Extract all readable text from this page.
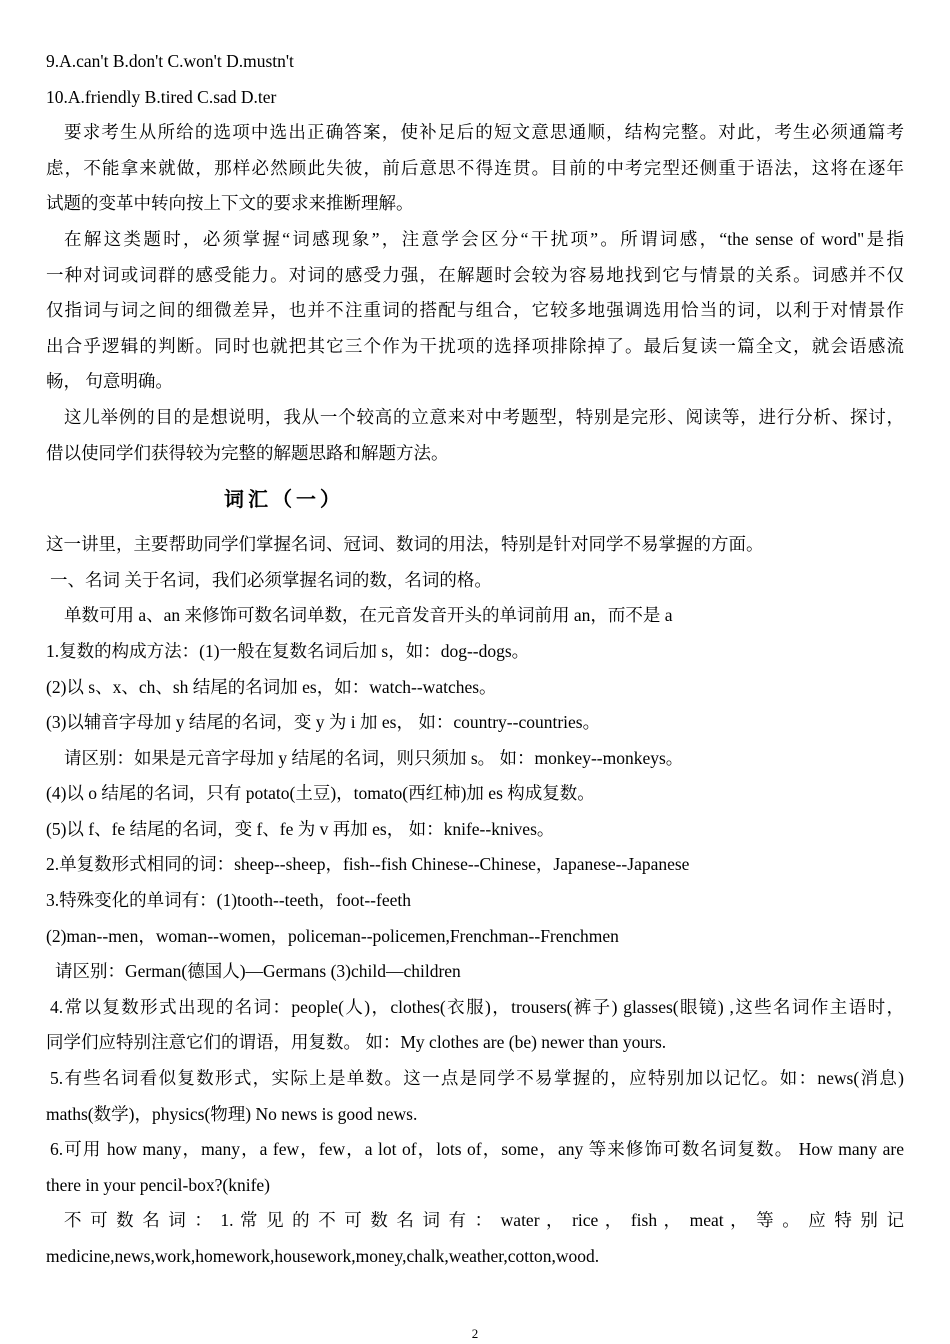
9.A.can't B.don't C.won't D.mustn't
10.A.friendly B.tired C.sad D.ter
要求考生从所给的选项中选出正确答案，使补足后的短文意思通顺，结构完整。对此，考生必须通篇考
虑，不能拿来就做，那样必然顾此失彼，前后意思不得连贯。目前的中考完型还侧重于语法，这将在逐年
试题的变革中转向按上下文的要求来推断理解。
在解这类题时，必须掌握“词感现象”，注意学会区分“干扰项”。所谓词感，“the sense of word"是指
一种对词或词群的感受能力。对词的感受力强，在解题时会较为容易地找到它与情景的关系。词感并不仅
仅指词与词之间的细微差异，也并不注重词的搭配与组合，它较多地强调选用恰当的词，以利于对情景作
出合乎逻辑的判断。同时也就把其它三个作为干扰项的选择项排除掉了。最后复读一篇全文，就会语感流
畅， 句意明确。
这儿举例的目的是想说明，我从一个较高的立意来对中考题型，特别是完形、阅读等，进行分析、探讨，
借以使同学们获得较为完整的解题思路和解题方法。
词汇（一）
这一讲里，主要帮助同学们掌握名词、冠词、数词的用法，特别是针对同学不易掌握的方面。
一、名词 关于名词，我们必须掌握名词的数，名词的格。
单数可用 a、an 来修饰可数名词单数，在元音发音开头的单词前用 an，而不是 a
1.复数的构成方法：(1)一般在复数名词后加 s，如：dog--dogs。
(2)以 s、x、ch、sh 结尾的名词加 es，如：watch--watches。
(3)以辅音字母加 y 结尾的名词，变 y 为 i 加 es， 如：country--countries。
请区别：如果是元音字母加 y 结尾的名词，则只须加 s。 如：monkey--monkeys。
(4)以 o 结尾的名词，只有 potato(土豆)，tomato(西红柿)加 es 构成复数。
(5)以 f、fe 结尾的名词，变 f、fe 为 v 再加 es， 如：knife--knives。
2.单复数形式相同的词：sheep--sheep，fish--fish Chinese--Chinese，Japanese--Japanese
3.特殊变化的单词有：(1)tooth--teeth，foot--feeth
(2)man--men，woman--women，policeman--policemen,Frenchman--Frenchmen
请区别：German(德国人)—Germans (3)child—children
4.常以复数形式出现的名词：people(人)，clothes(衣服)，trousers(裤子) glasses(眼镜) ,这些名词作主语时，
同学们应特别注意它们的谓语，用复数。 如：My clothes are (be) newer than yours.
5.有些名词看似复数形式，实际上是单数。这一点是同学不易掌握的，应特别加以记忆。如：news(消息)
maths(数学)，physics(物理) No news is good news.
6.可用 how many，many，a few，few，a lot of，lots of，some，any 等来修饰可数名词复数。 How many are
there in your pencil-box?(knife)
不 可 数 名 词 ： 1. 常 见 的 不 可 数 名 词 有 ： water ， rice ， fish ， meat ， 等 。 应 特 别 记
medicine,news,work,homework,housework,money,chalk,weather,cotton,wood.
2
